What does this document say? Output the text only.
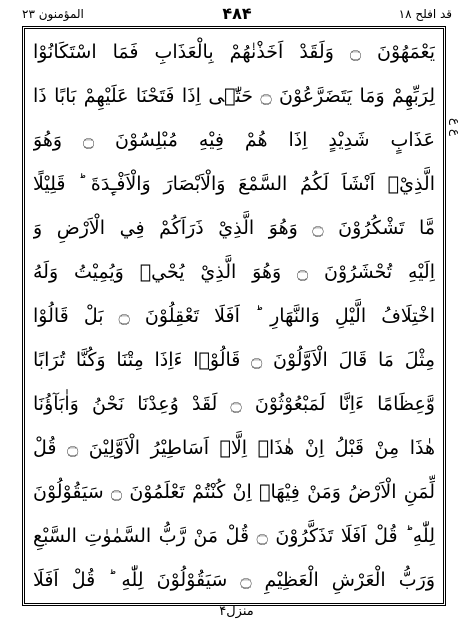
المؤمنون ٢٣	۴۸۴	قد افلح ١٨
ع ع
يَعْمَهُوْنَ ۝ وَلَقَدْ اَخَذْنٰهُمْ بِالْعَذَابِ فَمَا اسْتَكَانُوْا
لِرَبِّهِمْ وَمَا يَتَضَرَّعُوْنَ ۝ حَتّٰۤى اِذَا فَتَحْنَا عَلَيْهِمْ بَابًا ذَا
عَذَابٍ شَدِيْدٍ اِذَا هُمْ فِيْهِ مُبْلِسُوْنَ ۝ وَهُوَ
الَّذِيْۤ اَنْشَاَ لَكُمُ السَّمْعَ وَالْاَبْصَارَ وَالْاَفْـِٕدَةَ ؕ قَلِيْلًا
مَّا تَشْكُرُوْنَ ۝ وَهُوَ الَّذِيْ ذَرَاَكُمْ فِي الْاَرْضِ وَ
اِلَيْهِ تُحْشَرُوْنَ ۝ وَهُوَ الَّذِيْ يُحْيٖ وَيُمِيْتُ وَلَهُ
اخْتِلَافُ الَّيْلِ وَالنَّهَارِ ؕ اَفَلَا تَعْقِلُوْنَ ۝ بَلْ قَالُوْا
مِثْلَ مَا قَالَ الْاَوَّلُوْنَ ۝ قَالُوْۤا ءَاِذَا مِتْنَا وَكُنَّا تُرَابًا
وَّعِظَامًا ءَاِنَّا لَمَبْعُوْثُوْنَ ۝ لَقَدْ وُعِدْنَا نَحْنُ وَاٰبَآؤُنَا
هٰذَا مِنْ قَبْلُ اِنْ هٰذَاۤ اِلَّاۤ اَسَاطِيْرُ الْاَوَّلِيْنَ ۝ قُلْ
لِّمَنِ الْاَرْضُ وَمَنْ فِيْهَاۤ اِنْ كُنْتُمْ تَعْلَمُوْنَ ۝ سَيَقُوْلُوْنَ
لِلّٰهِ ؕ قُلْ اَفَلَا تَذَكَّرُوْنَ ۝ قُلْ مَنْ رَّبُّ السَّمٰوٰتِ السَّبْعِ
وَرَبُّ الْعَرْشِ الْعَظِيْمِ ۝ سَيَقُوْلُوْنَ لِلّٰهِ ؕ قُلْ اَفَلَا
منزل۴
